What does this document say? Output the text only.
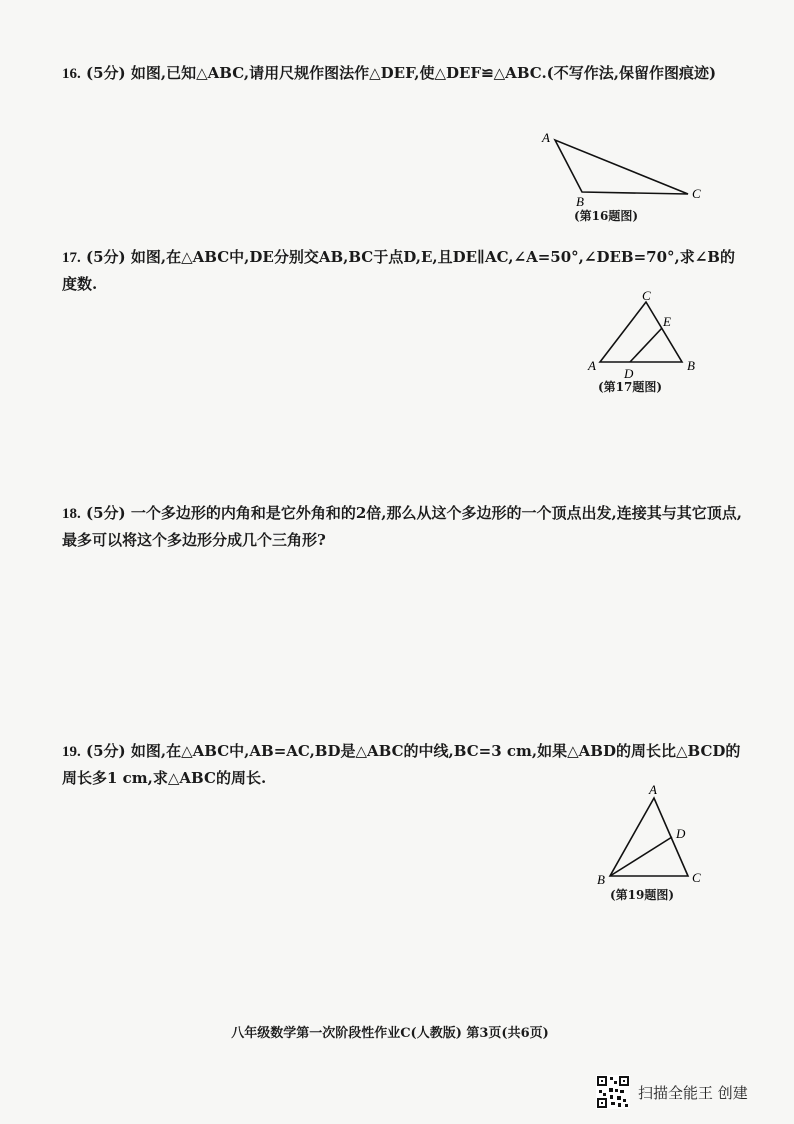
16. (5分) 如图,已知△ABC,请用尺规作图法作△DEF,使△DEF≌△ABC.(不写作法,保留作图痕迹)
A
B
C
(第16题图)
17. (5分) 如图,在△ABC中,DE分别交AB,BC于点D,E,且DE∥AC,∠A=50°,∠DEB=70°,求∠B的度数.
C
E
A
D
B
(第17题图)
18. (5分) 一个多边形的内角和是它外角和的2倍,那么从这个多边形的一个顶点出发,连接其与其它顶点,最多可以将这个多边形分成几个三角形?
19. (5分) 如图,在△ABC中,AB=AC,BD是△ABC的中线,BC=3 cm,如果△ABD的周长比△BCD的周长多1 cm,求△ABC的周长.
A
D
B	C
(第19题图)
八年级数学第一次阶段性作业C(人教版) 第3页(共6页)
扫描全能王 创建
